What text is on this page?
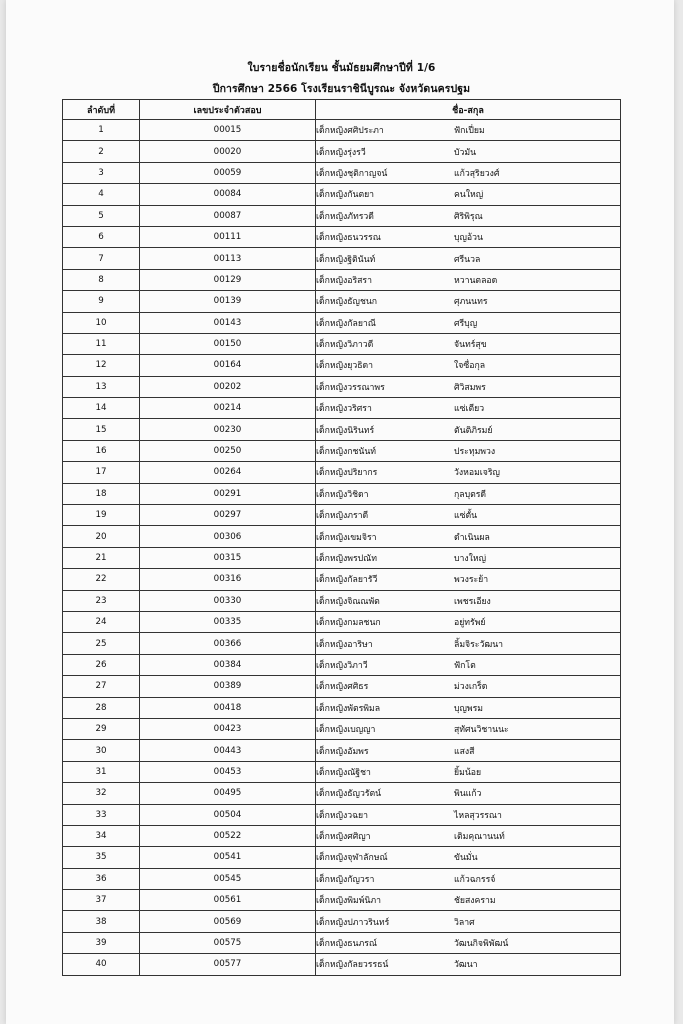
ใบรายชื่อนักเรียน ชั้นมัธยมศึกษาปีที่ 1/6
ปีการศึกษา 2566 โรงเรียนราชินีบูรณะ จังหวัดนครปฐม
ลำดับที่	เลขประจำตัวสอบ	ชื่อ-สกุล
1	00015	เด็กหญิงศศิประภา ฟักเปี่ยม
2	00020	เด็กหญิงรุ่งรวี บัวมัน
3	00059	เด็กหญิงชุติกาญจน์ แก้วสุริยวงศ์
4	00084	เด็กหญิงกันตยา คนใหญ่
5	00087	เด็กหญิงภัทรวดี ศิริพิรุณ
6	00111	เด็กหญิงธนวรรณ บุญอ้วน
7	00113	เด็กหญิงฐิตินันท์ ศรีนวล
8	00129	เด็กหญิงอริสรา หวานตลอด
9	00139	เด็กหญิงธัญชนก ศุภนนทร
10	00143	เด็กหญิงกัลยาณี ศรีบุญ
11	00150	เด็กหญิงวิภาวดี จันทร์สุข
12	00164	เด็กหญิงยุวธิดา ใจซื่อกุล
13	00202	เด็กหญิงวรรณาพร ศิวิสมพร
14	00214	เด็กหญิงวริศรา แซ่เตียว
15	00230	เด็กหญิงนิรินทร์ ตันติภิรมย์
16	00250	เด็กหญิงกชนันท์ ประทุมพวง
17	00264	เด็กหญิงปริยากร วังหอมเจริญ
18	00291	เด็กหญิงวิชิดา กุลบุตรดี
19	00297	เด็กหญิงภราดี แซ่ตั้น
20	00306	เด็กหญิงเขมจิรา ดำเนินผล
21	00315	เด็กหญิงพรปณัท บางใหญ่
22	00316	เด็กหญิงกัลยารัวี พวงระย้า
23	00330	เด็กหญิงจิณณพัต เพชรเอียง
24	00335	เด็กหญิงกมลชนก อยู่ทรัพย์
25	00366	เด็กหญิงอาริษา ลิ้มจิระวัฒนา
26	00384	เด็กหญิงวิภาวี ฟักโต
27	00389	เด็กหญิงศศิธร ม่วงเกร็ด
28	00418	เด็กหญิงพัตรพิมล บุญพรม
29	00423	เด็กหญิงเบญญา สุทัศนวิชานนะ
30	00443	เด็กหญิงอัมพร แสงสี
31	00453	เด็กหญิงณัฐิชา ยิ้มน้อย
32	00495	เด็กหญิงธัญวรัตน์ พินแก้ว
33	00504	เด็กหญิงวฉยา ไหลสุวรรณา
34	00522	เด็กหญิงศศิญา เติมคุณานนท์
35	00541	เด็กหญิงจุฬาลักษณ์ ขันมั่น
36	00545	เด็กหญิงกัญวรา แก้วฉกรรจ์
37	00561	เด็กหญิงพิมพ์นิภา ชัยสงคราม
38	00569	เด็กหญิงปภาวรินทร์ วิลาศ
39	00575	เด็กหญิงธนภรณ์ วัฒนกิจพิพัฒน์
40	00577	เด็กหญิงกัลยวรรธน์ วัฒนา
